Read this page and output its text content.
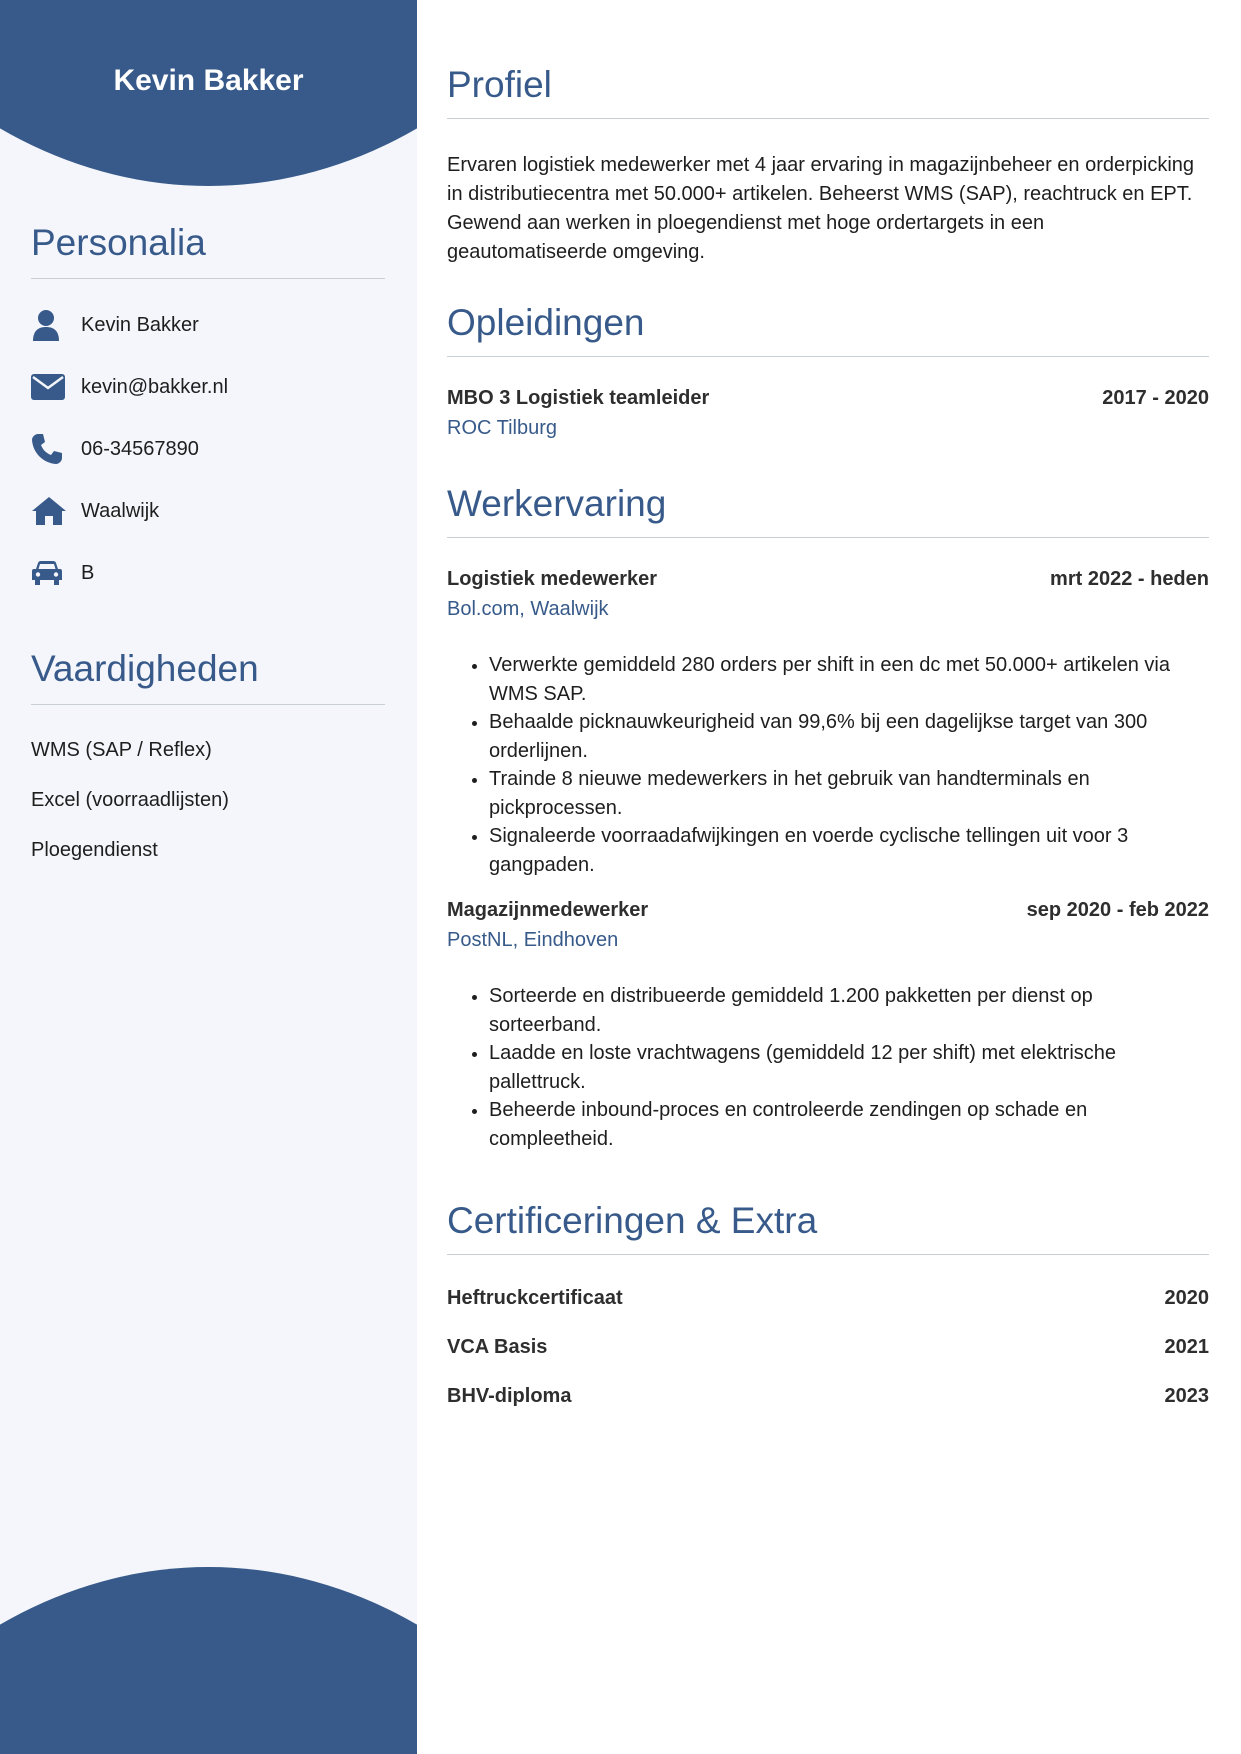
Kevin Bakker
Personalia
Kevin Bakker
kevin@bakker.nl
06-34567890
Waalwijk
B
Vaardigheden
WMS (SAP / Reflex)
Excel (voorraadlijsten)
Ploegendienst
Profiel

Ervaren logistiek medewerker met 4 jaar ervaring in magazijnbeheer en orderpicking in distributiecentra met 50.000+ artikelen. Beheerst WMS (SAP), reachtruck en EPT. Gewend aan werken in ploegendienst met hoge ordertargets in een geautomatiseerde omgeving.

Opleidingen
MBO 3 Logistiek teamleider	2017 - 2020
ROC Tilburg
Werkervaring
Logistiek medewerker	mrt 2022 - heden
Bol.com, Waalwijk
• Verwerkte gemiddeld 280 orders per shift in een dc met 50.000+ artikelen via WMS SAP.
• Behaalde picknauwkeurigheid van 99,6% bij een dagelijkse target van 300 orderlijnen.
• Trainde 8 nieuwe medewerkers in het gebruik van handterminals en pickprocessen.
• Signaleerde voorraadafwijkingen en voerde cyclische tellingen uit voor 3 gangpaden.
Magazijnmedewerker	sep 2020 - feb 2022
PostNL, Eindhoven
• Sorteerde en distribueerde gemiddeld 1.200 pakketten per dienst op sorteerband.
• Laadde en loste vrachtwagens (gemiddeld 12 per shift) met elektrische pallettruck.
• Beheerde inbound-proces en controleerde zendingen op schade en compleetheid.
Certificeringen & Extra
Heftruckcertificaat	2020
VCA Basis	2021
BHV-diploma	2023
